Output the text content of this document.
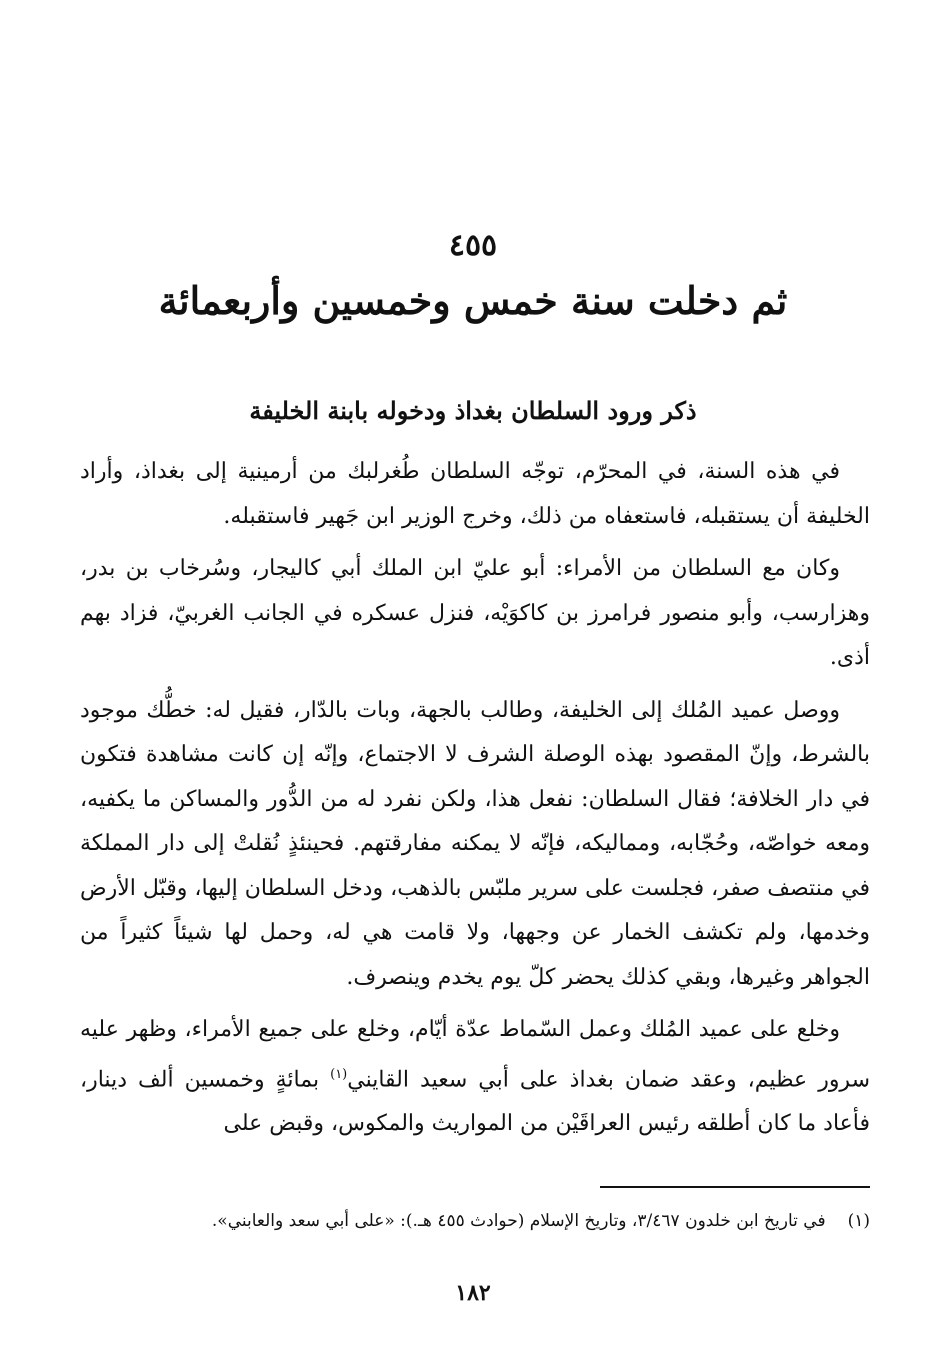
٤٥٥
ثم دخلت سنة خمس وخمسين وأربعمائة
ذكر ورود السلطان بغداذ ودخوله بابنة الخليفة

في هذه السنة، في المحرّم، توجّه السلطان طُغرلبك من أرمينية إلى بغداذ، وأراد الخليفة أن يستقبله، فاستعفاه من ذلك، وخرج الوزير ابن جَهير فاستقبله.

وكان مع السلطان من الأمراء: أبو عليّ ابن الملك أبي كاليجار، وسُرخاب بن بدر، وهزارسب، وأبو منصور فرامرز بن كاكوَيْه، فنزل عسكره في الجانب الغربيّ، فزاد بهم أذى.

ووصل عميد المُلك إلى الخليفة، وطالب بالجهة، وبات بالدّار، فقيل له: خطُّك موجود بالشرط، وإنّ المقصود بهذه الوصلة الشرف لا الاجتماع، وإنّه إن كانت مشاهدة فتكون في دار الخلافة؛ فقال السلطان: نفعل هذا، ولكن نفرد له من الدُّور والمساكن ما يكفيه، ومعه خواصّه، وحُجّابه، ومماليكه، فإنّه لا يمكنه مفارقتهم. فحينئذٍ نُقلتْ إلى دار المملكة في منتصف صفر، فجلست على سرير ملبّس بالذهب، ودخل السلطان إليها، وقبّل الأرض وخدمها، ولم تكشف الخمار عن وجهها، ولا قامت هي له، وحمل لها شيئاً كثيراً من الجواهر وغيرها، وبقي كذلك يحضر كلّ يوم يخدم وينصرف.

وخلع على عميد المُلك وعمل السّماط عدّة أيّام، وخلع على جميع الأمراء، وظهر عليه سرور عظيم، وعقد ضمان بغداذ على أبي سعيد القايني$^{(١)}$ بمائةٍ وخمسين ألف دينار، فأعاد ما كان أطلقه رئيس العراقَيْن من المواريث والمكوس، وقبض على

(١)في تاريخ ابن خلدون ٣/٤٦٧، وتاريخ الإسلام (حوادث ٤٥٥ هـ.): «على أبي سعد والعابني».
١٨٢
